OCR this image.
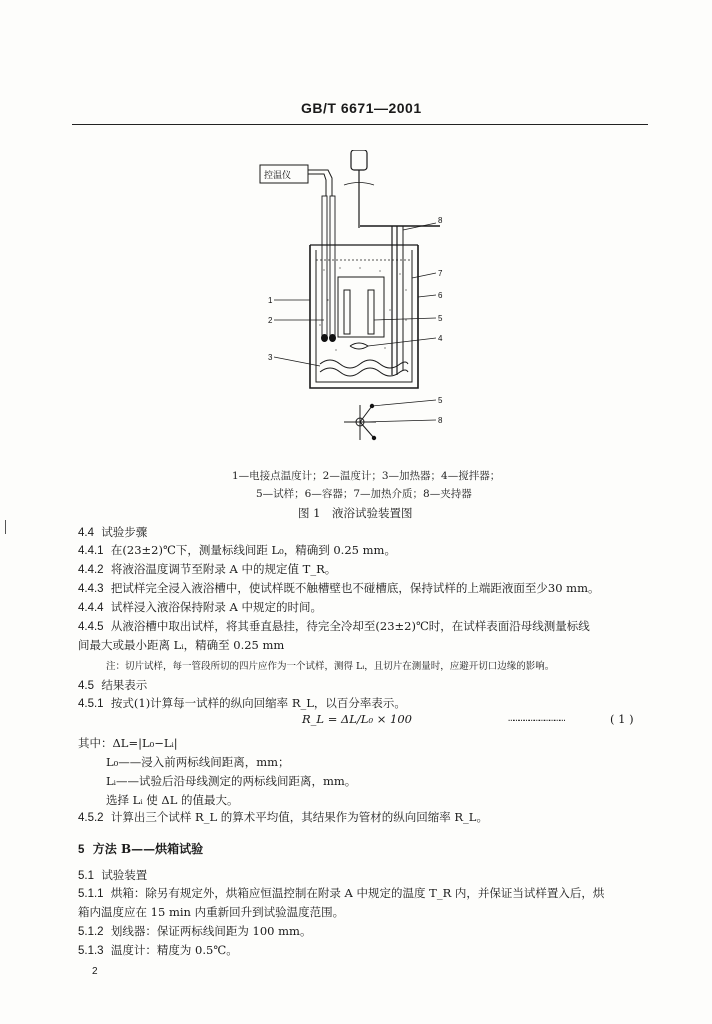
GB/T 6671—2001
控温仪
8
7
1
6
2	5
4
3
5
8
1—电接点温度计；2—温度计；3—加热器；4—搅拌器；
5—试样；6—容器；7—加热介质；8—夹持器
图 1　液浴试验装置图
4.4 试验步骤
4.4.1 在(23±2)℃下，测量标线间距 L₀，精确到 0.25 mm。
4.4.2 将液浴温度调节至附录 A 中的规定值 T_R。
4.4.3 把试样完全浸入液浴槽中，使试样既不触槽壁也不碰槽底，保持试样的上端距液面至少30 mm。
4.4.4 试样浸入液浴保持附录 A 中规定的时间。
4.4.5 从液浴槽中取出试样，将其垂直悬挂，待完全冷却至(23±2)℃时，在试样表面沿母线测量标线
间最大或最小距离 Lᵢ，精确至 0.25 mm
注：切片试样，每一管段所切的四片应作为一个试样，测得 Lᵢ，且切片在测量时，应避开切口边缘的影响。
4.5 结果表示
4.5.1 按式(1)计算每一试样的纵向回缩率 R_L，以百分率表示。
R_L = ΔL/L₀ × 100	……………………………	( 1 )
其中：ΔL=|L₀−Lᵢ|
L₀——浸入前两标线间距离，mm；
Lᵢ——试验后沿母线测定的两标线间距离，mm。
选择 Lᵢ 使 ΔL 的值最大。
4.5.2 计算出三个试样 R_L 的算术平均值，其结果作为管材的纵向回缩率 R_L。
5 方法 B——烘箱试验
5.1 试验装置
5.1.1 烘箱：除另有规定外，烘箱应恒温控制在附录 A 中规定的温度 T_R 内，并保证当试样置入后，烘
箱内温度应在 15 min 内重新回升到试验温度范围。
5.1.2 划线器：保证两标线间距为 100 mm。
5.1.3 温度计：精度为 0.5℃。
2
